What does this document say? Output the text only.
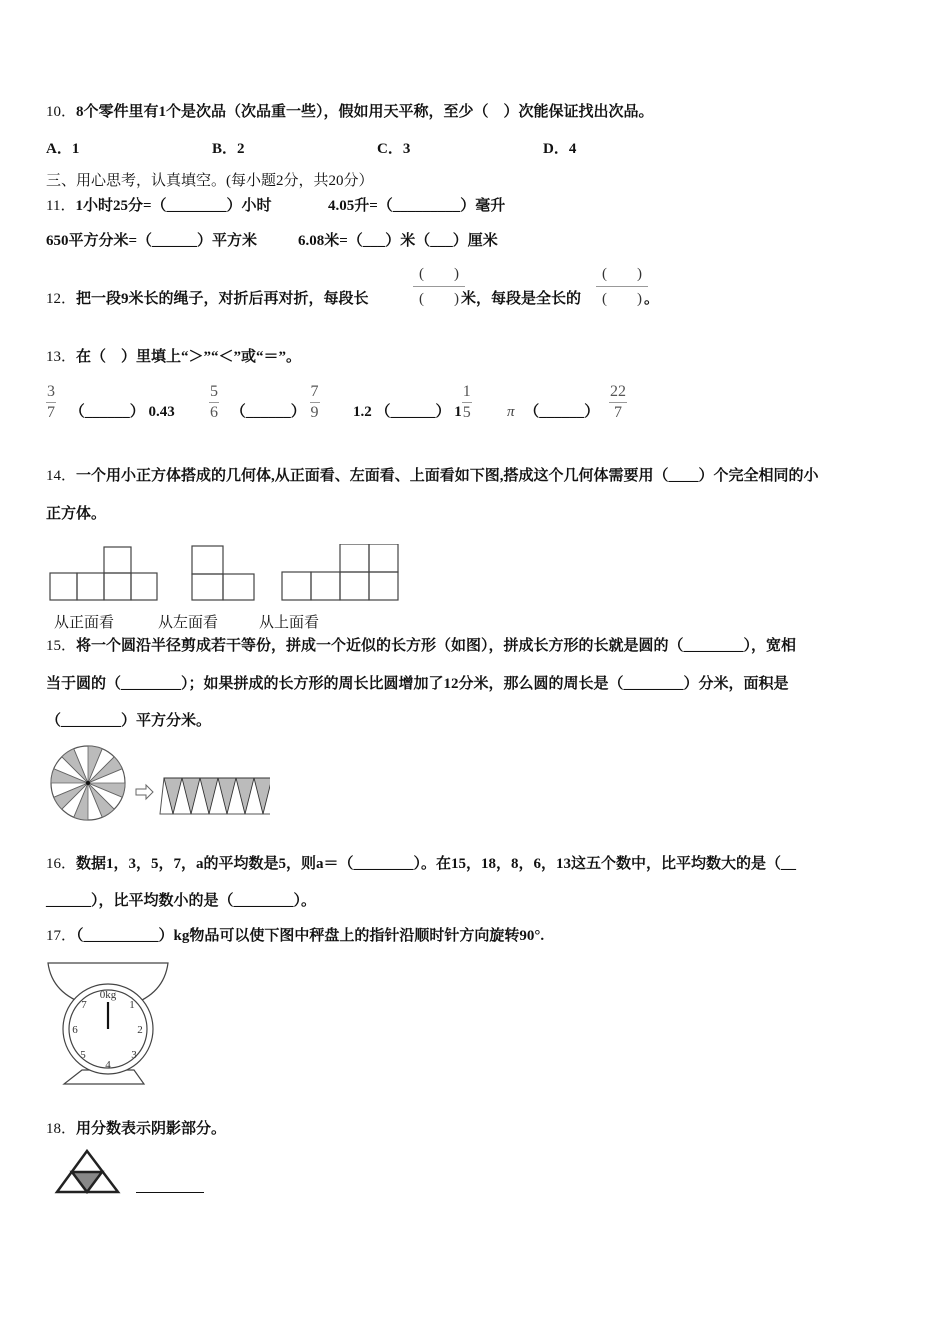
10．8个零件里有1个是次品（次品重一些），假如用天平称，至少（　）次能保证找出次品。
A．1	B．2	C．3	D．4
三、用心思考，认真填空。(每小题2分，共20分）
11．1小时25分=（________）小时	4.05升=（_________）毫升
650平方分米=（______）平方米	6.08米=（___）米（___）厘米
12．把一段9米长的绳子，对折后再对折，每段长
(　　)
(　　) 米，每段是全长的
(　　)
(　　) 。
13．在（　）里填上“＞”“＜”或“＝”。
$\frac{3}{7}$ （______） $0.43 \frac{5}{6}$ （______） $\frac{7}{9} 1.2$ （______） $1 \frac{1}{5}$ π （______） $\frac{22}{7}$
14．一个用小正方体搭成的几何体,从正面看、左面看、上面看如下图,搭成这个几何体需要用（____）个完全相同的小
正方体。
从正面看	从左面看	从上面看
15．将一个圆沿半径剪成若干等份，拼成一个近似的长方形（如图），拼成长方形的长就是圆的（________），宽相
当于圆的（________）；如果拼成的长方形的周长比圆增加了12分米，那么圆的周长是（________）分米，面积是
（________）平方分米。
16．数据1，3，5，7，a的平均数是5，则a＝（________）。在15，18，8，6，13这五个数中，比平均数大的是（__
______），比平均数小的是（________）。
17．（__________）kg物品可以使下图中秤盘上的指针沿顺时针方向旋转90°.
0kg
1
2
3
4
5
6
7
18．用分数表示阴影部分。
